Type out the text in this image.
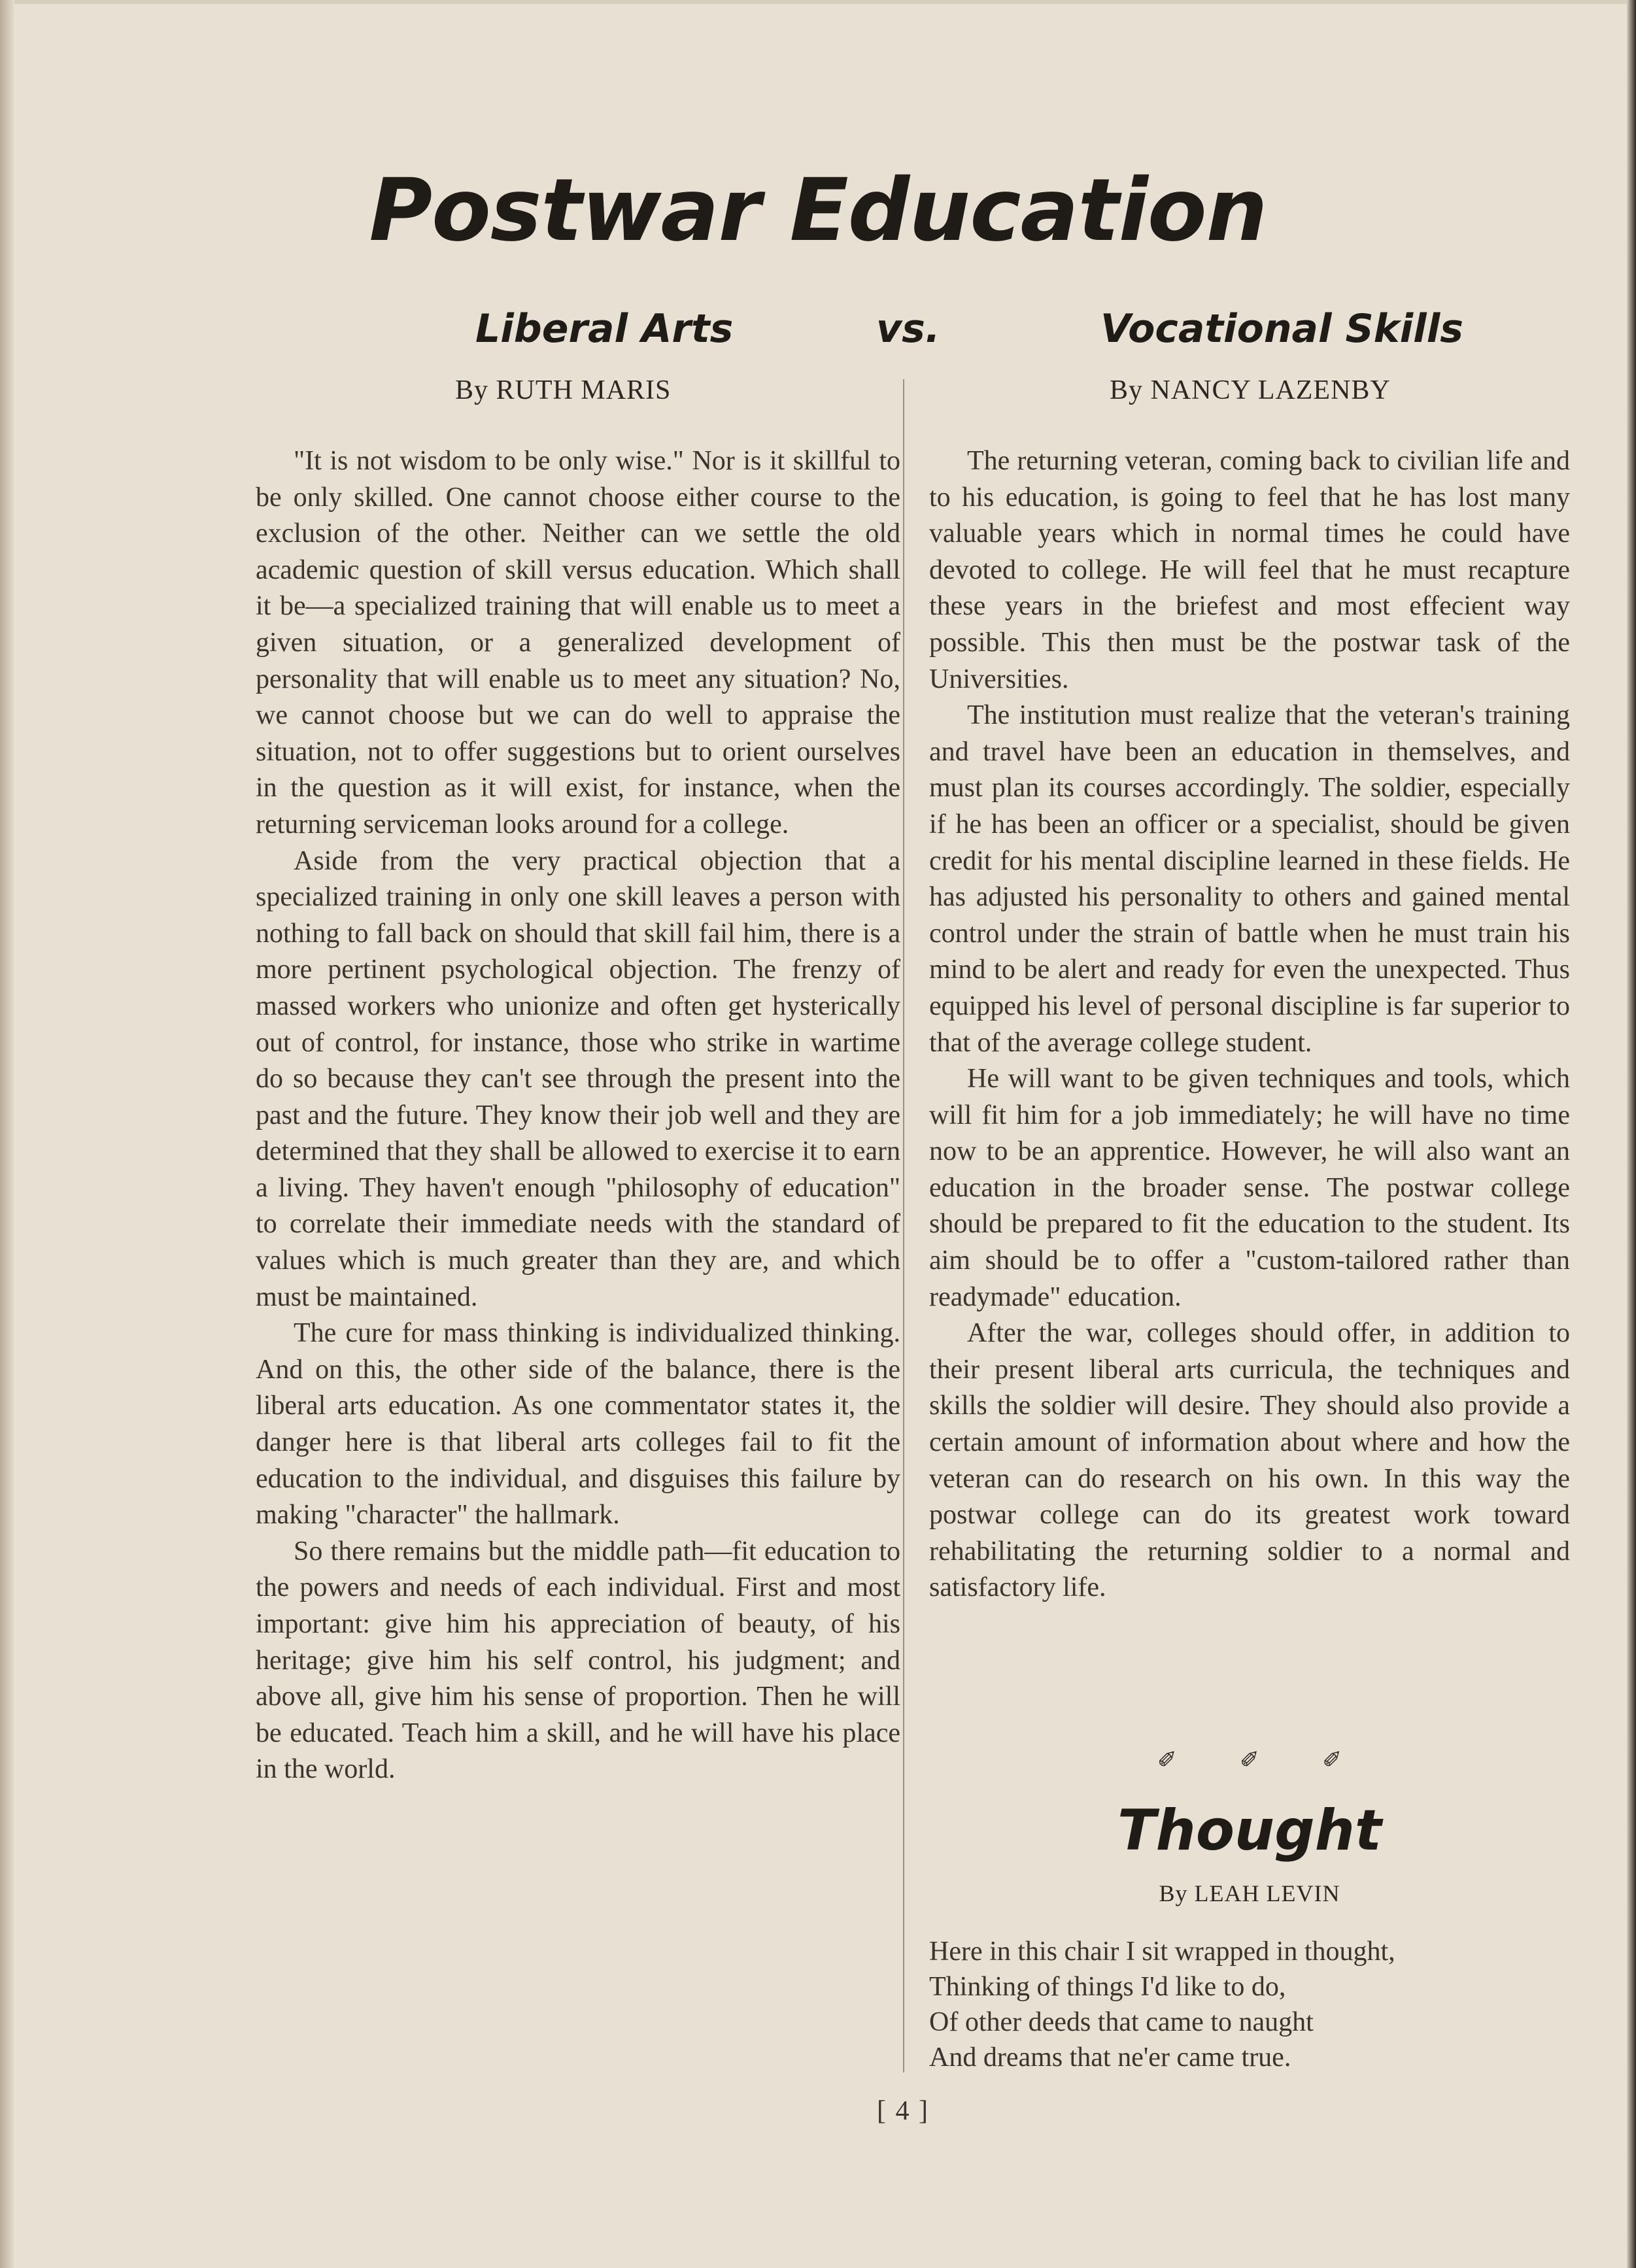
Postwar Education
Liberal Arts	vs.	Vocational Skills
By RUTH MARIS	By NANCY LAZENBY

"It is not wisdom to be only wise." Nor is it skillful to be only skilled. One cannot choose either course to the exclusion of the other. Neither can we settle the old academic question of skill versus education. Which shall it be—a specialized training that will enable us to meet a given situation, or a generalized development of personality that will enable us to meet any situation? No, we cannot choose but we can do well to appraise the situation, not to offer suggestions but to orient ourselves in the question as it will exist, for instance, when the returning serviceman looks around for a college.

Aside from the very practical objection that a specialized training in only one skill leaves a person with nothing to fall back on should that skill fail him, there is a more pertinent psychological objection. The frenzy of massed workers who unionize and often get hysterically out of control, for instance, those who strike in wartime do so because they can't see through the present into the past and the future. They know their job well and they are determined that they shall be allowed to exercise it to earn a living. They haven't enough "philosophy of education" to correlate their immediate needs with the standard of values which is much greater than they are, and which must be maintained.

The cure for mass thinking is individualized thinking. And on this, the other side of the balance, there is the liberal arts education. As one commentator states it, the danger here is that liberal arts colleges fail to fit the education to the individual, and disguises this failure by making "character" the hallmark.

So there remains but the middle path—fit education to the powers and needs of each individual. First and most important: give him his appreciation of beauty, of his heritage; give him his self control, his judgment; and above all, give him his sense of proportion. Then he will be educated. Teach him a skill, and he will have his place in the world.

The returning veteran, coming back to civilian life and to his education, is going to feel that he has lost many valuable years which in normal times he could have devoted to college. He will feel that he must recapture these years in the briefest and most effecient way possible. This then must be the postwar task of the Universities.

The institution must realize that the veteran's training and travel have been an education in themselves, and must plan its courses accordingly. The soldier, especially if he has been an officer or a specialist, should be given credit for his mental discipline learned in these fields. He has adjusted his personality to others and gained mental control under the strain of battle when he must train his mind to be alert and ready for even the unexpected. Thus equipped his level of personal discipline is far superior to that of the average college student.

He will want to be given techniques and tools, which will fit him for a job immediately; he will have no time now to be an apprentice. However, he will also want an education in the broader sense. The postwar college should be prepared to fit the education to the student. Its aim should be to offer a "custom-tailored rather than readymade" education.

After the war, colleges should offer, in addition to their present liberal arts curricula, the techniques and skills the soldier will desire. They should also provide a certain amount of information about where and how the veteran can do research on his own. In this way the postwar college can do its greatest work toward rehabilitating the returning soldier to a normal and satisfactory life.

✐	✐	✐
Thought
By LEAH LEVIN
Here in this chair I sit wrapped in thought,
Thinking of things I'd like to do,
Of other deeds that came to naught
And dreams that ne'er came true.
[ 4 ]
